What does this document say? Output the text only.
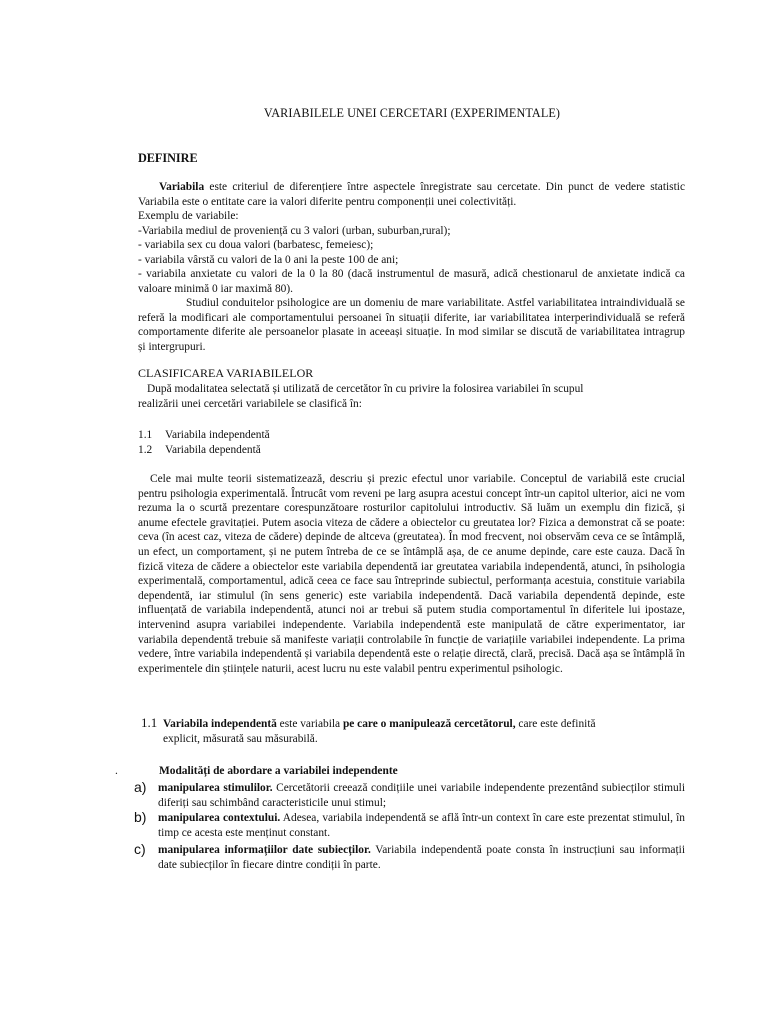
VARIABILELE UNEI CERCETARI (EXPERIMENTALE)
DEFINIRE
Variabila este criteriul de diferențiere între aspectele înregistrate sau cercetate. Din punct de vedere statistic Variabila este o entitate care ia valori diferite pentru componenții unei colectivități.
Exemplu de variabile:
-Variabila mediul de proveniență cu 3 valori (urban, suburban,rural);
- variabila sex cu doua valori (barbatesc, femeiesc);
- variabila vârstă cu valori de la 0 ani la peste 100 de ani;
- variabila anxietate cu valori de la 0 la 80 (dacă instrumentul de masură, adică chestionarul de anxietate indică ca valoare minimă 0 iar maximă 80).
Studiul conduitelor psihologice are un domeniu de mare variabilitate. Astfel variabilitatea intraindividuală se referă la modificari ale comportamentului persoanei în situații diferite, iar variabilitatea interperindividuală se referă comportamente diferite ale persoanelor plasate in aceeași situație. In mod similar se discută de variabilitatea intragrup și intergrupuri.
CLASIFICAREA VARIABILELOR
După modalitatea selectată și utilizată de cercetător în cu privire la folosirea variabilei în scupul
realizării unei cercetări variabilele se clasifică în:
1.1 Variabila independentă
1.2 Variabila dependentă
Cele mai multe teorii sistematizează, descriu și prezic efectul unor variabile. Conceptul de variabilă este crucial pentru psihologia experimentală. Întrucât vom reveni pe larg asupra acestui concept într-un capitol ulterior, aici ne vom rezuma la o scurtă prezentare corespunzătoare rosturilor capitolului introductiv. Să luăm un exemplu din fizică, și anume efectele gravitației. Putem asocia viteza de cădere a obiectelor cu greutatea lor? Fizica a demonstrat că se poate: ceva (în acest caz, viteza de cădere) depinde de altceva (greutatea). În mod frecvent, noi observăm ceva ce se întâmplă, un efect, un comportament, și ne putem întreba de ce se întâmplă așa, de ce anume depinde, care este cauza. Dacă în fizică viteza de cădere a obiectelor este variabila dependentă iar greutatea variabila independentă, atunci, în psihologia experimentală, comportamentul, adică ceea ce face sau întreprinde subiectul, performanța acestuia, constituie variabila dependentă, iar stimulul (în sens generic) este variabila independentă. Dacă variabila dependentă depinde, este influențată de variabila independentă, atunci noi ar trebui să putem studia comportamentul în diferitele lui ipostaze, intervenind asupra variabilei independente. Variabila independentă este manipulată de către experimentator, iar variabila dependentă trebuie să manifeste variații controlabile în funcție de variațiile variabilei independente. La prima vedere, între variabila independentă și variabila dependentă este o relație directă, clară, precisă. Dacă așa se întâmplă în experimentele din științele naturii, acest lucru nu este valabil pentru experimentul psihologic.
1.1 Variabila independentă este variabila pe care o manipulează cercetătorul, care este definită
explicit, măsurată sau măsurabilă.
.	Modalități de abordare a variabilei independente
a) manipularea stimulilor. Cercetătorii creează condițiile unei variabile independente prezentând subiecților stimuli diferiți sau schimbând caracteristicile unui stimul;
b) manipularea contextului. Adesea, variabila independentă se află într-un context în care este prezentat stimulul, în timp ce acesta este menținut constant.
c) manipularea informațiilor date subiecților. Variabila independentă poate consta în instrucțiuni sau informații date subiecților în fiecare dintre condiții în parte.
